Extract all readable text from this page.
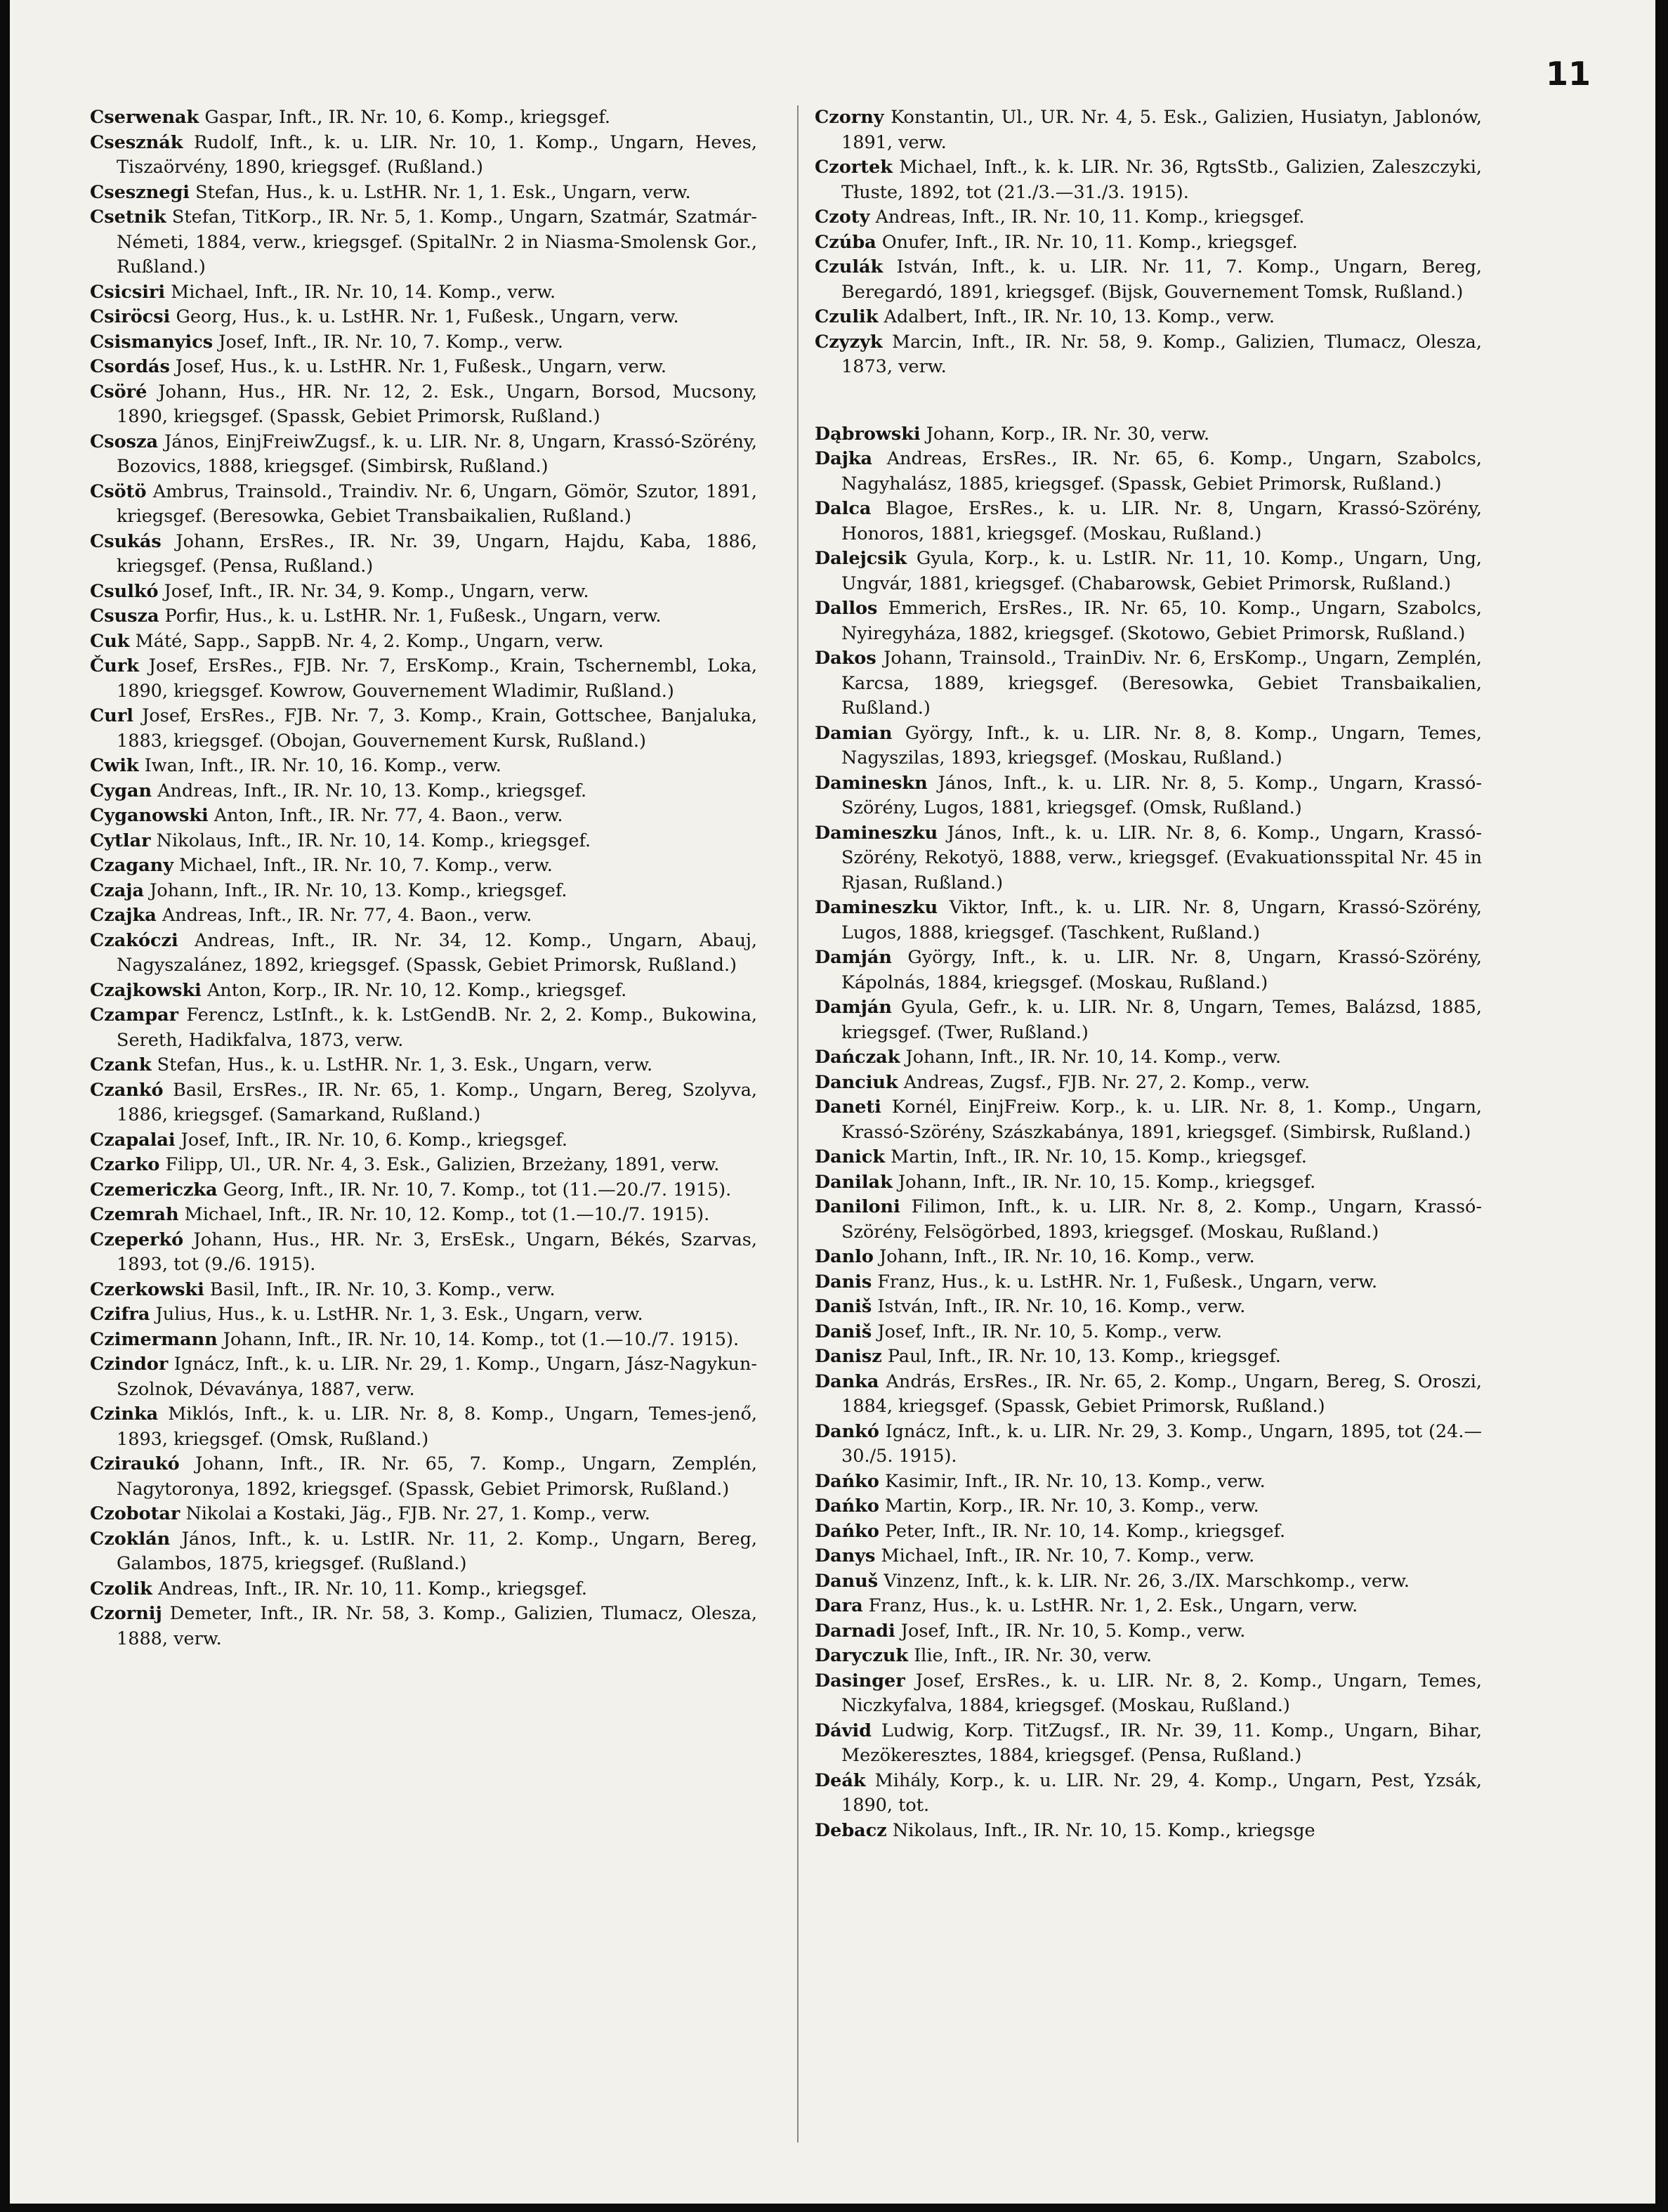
11

Cserwenak Gaspar, Inft., IR. Nr. 10, 6. Komp., kriegsgef.

Csesznák Rudolf, Inft., k. u. LIR. Nr. 10, 1. Komp., Ungarn, Heves, Tiszaörvény, 1890, kriegsgef. (Rußland.)

Csesznegi Stefan, Hus., k. u. LstHR. Nr. 1, 1. Esk., Ungarn, verw.

Csetnik Stefan, TitKorp., IR. Nr. 5, 1. Komp., Ungarn, Szatmár, Szatmár-Németi, 1884, verw., kriegsgef. (SpitalNr. 2 in Niasma-Smolensk Gor., Rußland.)

Csicsiri Michael, Inft., IR. Nr. 10, 14. Komp., verw.

Csiröcsi Georg, Hus., k. u. LstHR. Nr. 1, Fußesk., Ungarn, verw.

Csismanyics Josef, Inft., IR. Nr. 10, 7. Komp., verw.

Csordás Josef, Hus., k. u. LstHR. Nr. 1, Fußesk., Ungarn, verw.

Csöré Johann, Hus., HR. Nr. 12, 2. Esk., Ungarn, Borsod, Mucsony, 1890, kriegsgef. (Spassk, Gebiet Primorsk, Rußland.)

Csosza János, EinjFreiwZugsf., k. u. LIR. Nr. 8, Ungarn, Krassó-Szörény, Bozovics, 1888, kriegsgef. (Simbirsk, Rußland.)

Csötö Ambrus, Trainsold., Traindiv. Nr. 6, Ungarn, Gömör, Szutor, 1891, kriegsgef. (Beresowka, Gebiet Transbaikalien, Rußland.)

Csukás Johann, ErsRes., IR. Nr. 39, Ungarn, Hajdu, Kaba, 1886, kriegsgef. (Pensa, Rußland.)

Csulkó Josef, Inft., IR. Nr. 34, 9. Komp., Ungarn, verw.

Csusza Porfir, Hus., k. u. LstHR. Nr. 1, Fußesk., Ungarn, verw.

Cuk Máté, Sapp., SappB. Nr. 4, 2. Komp., Ungarn, verw.

Čurk Josef, ErsRes., FJB. Nr. 7, ErsKomp., Krain, Tschernembl, Loka, 1890, kriegsgef. Kowrow, Gouvernement Wladimir, Rußland.)

Curl Josef, ErsRes., FJB. Nr. 7, 3. Komp., Krain, Gottschee, Banjaluka, 1883, kriegsgef. (Obojan, Gouvernement Kursk, Rußland.)

Cwik Iwan, Inft., IR. Nr. 10, 16. Komp., verw.

Cygan Andreas, Inft., IR. Nr. 10, 13. Komp., kriegsgef.

Cyganowski Anton, Inft., IR. Nr. 77, 4. Baon., verw.

Cytlar Nikolaus, Inft., IR. Nr. 10, 14. Komp., kriegsgef.

Czagany Michael, Inft., IR. Nr. 10, 7. Komp., verw.

Czaja Johann, Inft., IR. Nr. 10, 13. Komp., kriegsgef.

Czajka Andreas, Inft., IR. Nr. 77, 4. Baon., verw.

Czakóczi Andreas, Inft., IR. Nr. 34, 12. Komp., Ungarn, Abauj, Nagyszalánez, 1892, kriegsgef. (Spassk, Gebiet Primorsk, Rußland.)

Czajkowski Anton, Korp., IR. Nr. 10, 12. Komp., kriegsgef.

Czampar Ferencz, LstInft., k. k. LstGendB. Nr. 2, 2. Komp., Bukowina, Sereth, Hadikfalva, 1873, verw.

Czank Stefan, Hus., k. u. LstHR. Nr. 1, 3. Esk., Ungarn, verw.

Czankó Basil, ErsRes., IR. Nr. 65, 1. Komp., Ungarn, Bereg, Szolyva, 1886, kriegsgef. (Samarkand, Rußland.)

Czapalai Josef, Inft., IR. Nr. 10, 6. Komp., kriegsgef.

Czarko Filipp, Ul., UR. Nr. 4, 3. Esk., Galizien, Brzeżany, 1891, verw.

Czemericzka Georg, Inft., IR. Nr. 10, 7. Komp., tot (11.—20./7. 1915).

Czemrah Michael, Inft., IR. Nr. 10, 12. Komp., tot (1.—10./7. 1915).

Czeperkó Johann, Hus., HR. Nr. 3, ErsEsk., Ungarn, Békés, Szarvas, 1893, tot (9./6. 1915).

Czerkowski Basil, Inft., IR. Nr. 10, 3. Komp., verw.

Czifra Julius, Hus., k. u. LstHR. Nr. 1, 3. Esk., Ungarn, verw.

Czimermann Johann, Inft., IR. Nr. 10, 14. Komp., tot (1.—10./7. 1915).

Czindor Ignácz, Inft., k. u. LIR. Nr. 29, 1. Komp., Ungarn, Jász-Nagykun-Szolnok, Dévaványa, 1887, verw.

Czinka Miklós, Inft., k. u. LIR. Nr. 8, 8. Komp., Ungarn, Temes-jenő, 1893, kriegsgef. (Omsk, Rußland.)

Cziraukó Johann, Inft., IR. Nr. 65, 7. Komp., Ungarn, Zemplén, Nagytoronya, 1892, kriegsgef. (Spassk, Gebiet Primorsk, Rußland.)

Czobotar Nikolai a Kostaki, Jäg., FJB. Nr. 27, 1. Komp., verw.

Czoklán János, Inft., k. u. LstIR. Nr. 11, 2. Komp., Ungarn, Bereg, Galambos, 1875, kriegsgef. (Rußland.)

Czolik Andreas, Inft., IR. Nr. 10, 11. Komp., kriegsgef.

Czornij Demeter, Inft., IR. Nr. 58, 3. Komp., Galizien, Tlumacz, Olesza, 1888, verw.

Czorny Konstantin, Ul., UR. Nr. 4, 5. Esk., Galizien, Husiatyn, Jablonów, 1891, verw.

Czortek Michael, Inft., k. k. LIR. Nr. 36, RgtsStb., Galizien, Zaleszczyki, Tłuste, 1892, tot (21./3.—31./3. 1915).

Czoty Andreas, Inft., IR. Nr. 10, 11. Komp., kriegsgef.

Czúba Onufer, Inft., IR. Nr. 10, 11. Komp., kriegsgef.

Czulák István, Inft., k. u. LIR. Nr. 11, 7. Komp., Ungarn, Bereg, Beregardó, 1891, kriegsgef. (Bijsk, Gouvernement Tomsk, Rußland.)

Czulik Adalbert, Inft., IR. Nr. 10, 13. Komp., verw.

Czyzyk Marcin, Inft., IR. Nr. 58, 9. Komp., Galizien, Tlumacz, Olesza, 1873, verw.

Dąbrowski Johann, Korp., IR. Nr. 30, verw.

Dajka Andreas, ErsRes., IR. Nr. 65, 6. Komp., Ungarn, Szabolcs, Nagyhalász, 1885, kriegsgef. (Spassk, Gebiet Primorsk, Rußland.)

Dalca Blagoe, ErsRes., k. u. LIR. Nr. 8, Ungarn, Krassó-Szörény, Honoros, 1881, kriegsgef. (Moskau, Rußland.)

Dalejcsik Gyula, Korp., k. u. LstIR. Nr. 11, 10. Komp., Ungarn, Ung, Ungvár, 1881, kriegsgef. (Chabarowsk, Gebiet Primorsk, Rußland.)

Dallos Emmerich, ErsRes., IR. Nr. 65, 10. Komp., Ungarn, Szabolcs, Nyiregyháza, 1882, kriegsgef. (Skotowo, Gebiet Primorsk, Rußland.)

Dakos Johann, Trainsold., TrainDiv. Nr. 6, ErsKomp., Ungarn, Zemplén, Karcsa, 1889, kriegsgef. (Beresowka, Gebiet Transbaikalien, Rußland.)

Damian György, Inft., k. u. LIR. Nr. 8, 8. Komp., Ungarn, Temes, Nagyszilas, 1893, kriegsgef. (Moskau, Rußland.)

Damineskn János, Inft., k. u. LIR. Nr. 8, 5. Komp., Ungarn, Krassó-Szörény, Lugos, 1881, kriegsgef. (Omsk, Rußland.)

Damineszku János, Inft., k. u. LIR. Nr. 8, 6. Komp., Ungarn, Krassó-Szörény, Rekotyö, 1888, verw., kriegsgef. (Evakuationsspital Nr. 45 in Rjasan, Rußland.)

Damineszku Viktor, Inft., k. u. LIR. Nr. 8, Ungarn, Krassó-Szörény, Lugos, 1888, kriegsgef. (Taschkent, Rußland.)

Damján György, Inft., k. u. LIR. Nr. 8, Ungarn, Krassó-Szörény, Kápolnás, 1884, kriegsgef. (Moskau, Rußland.)

Damján Gyula, Gefr., k. u. LIR. Nr. 8, Ungarn, Temes, Balázsd, 1885, kriegsgef. (Twer, Rußland.)

Dańczak Johann, Inft., IR. Nr. 10, 14. Komp., verw.

Danciuk Andreas, Zugsf., FJB. Nr. 27, 2. Komp., verw.

Daneti Kornél, EinjFreiw. Korp., k. u. LIR. Nr. 8, 1. Komp., Ungarn, Krassó-Szörény, Szászkabánya, 1891, kriegsgef. (Simbirsk, Rußland.)

Danick Martin, Inft., IR. Nr. 10, 15. Komp., kriegsgef.

Danilak Johann, Inft., IR. Nr. 10, 15. Komp., kriegsgef.

Daniloni Filimon, Inft., k. u. LIR. Nr. 8, 2. Komp., Ungarn, Krassó-Szörény, Felsögörbed, 1893, kriegsgef. (Moskau, Rußland.)

Danlo Johann, Inft., IR. Nr. 10, 16. Komp., verw.

Danis Franz, Hus., k. u. LstHR. Nr. 1, Fußesk., Ungarn, verw.

Daniš István, Inft., IR. Nr. 10, 16. Komp., verw.

Daniš Josef, Inft., IR. Nr. 10, 5. Komp., verw.

Danisz Paul, Inft., IR. Nr. 10, 13. Komp., kriegsgef.

Danka András, ErsRes., IR. Nr. 65, 2. Komp., Ungarn, Bereg, S. Oroszi, 1884, kriegsgef. (Spassk, Gebiet Primorsk, Rußland.)

Dankó Ignácz, Inft., k. u. LIR. Nr. 29, 3. Komp., Ungarn, 1895, tot (24.—30./5. 1915).

Dańko Kasimir, Inft., IR. Nr. 10, 13. Komp., verw.

Dańko Martin, Korp., IR. Nr. 10, 3. Komp., verw.

Dańko Peter, Inft., IR. Nr. 10, 14. Komp., kriegsgef.

Danys Michael, Inft., IR. Nr. 10, 7. Komp., verw.

Danuš Vinzenz, Inft., k. k. LIR. Nr. 26, 3./IX. Marschkomp., verw.

Dara Franz, Hus., k. u. LstHR. Nr. 1, 2. Esk., Ungarn, verw.

Darnadi Josef, Inft., IR. Nr. 10, 5. Komp., verw.

Daryczuk Ilie, Inft., IR. Nr. 30, verw.

Dasinger Josef, ErsRes., k. u. LIR. Nr. 8, 2. Komp., Ungarn, Temes, Niczkyfalva, 1884, kriegsgef. (Moskau, Rußland.)

Dávid Ludwig, Korp. TitZugsf., IR. Nr. 39, 11. Komp., Ungarn, Bihar, Mezökeresztes, 1884, kriegsgef. (Pensa, Rußland.)

Deák Mihály, Korp., k. u. LIR. Nr. 29, 4. Komp., Ungarn, Pest, Yzsák, 1890, tot.

Debacz Nikolaus, Inft., IR. Nr. 10, 15. Komp., kriegsge
